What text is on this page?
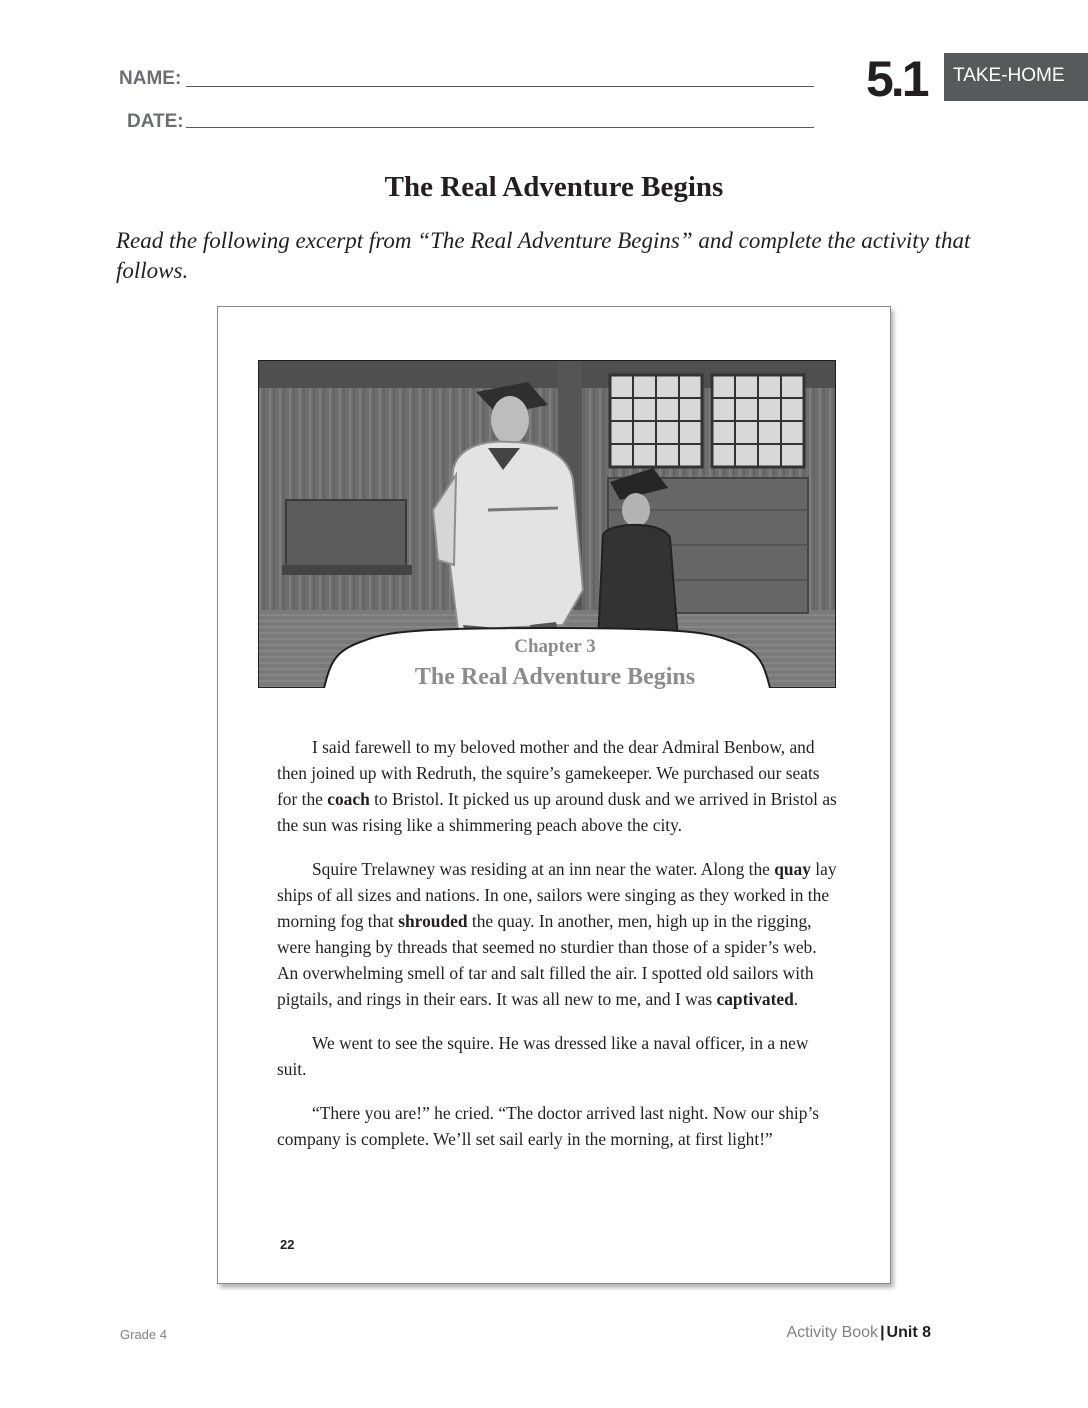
NAME:
DATE:
5.1	TAKE-HOME
The Real Adventure Begins
Read the following excerpt from “The Real Adventure Begins” and complete the activity that follows.
Chapter 3
The Real Adventure Begins

I said farewell to my beloved mother and the dear Admiral Benbow, and then joined up with Redruth, the squire’s gamekeeper. We purchased our seats for the coach to Bristol. It picked us up around dusk and we arrived in Bristol as the sun was rising like a shimmering peach above the city.

Squire Trelawney was residing at an inn near the water. Along the quay lay ships of all sizes and nations. In one, sailors were singing as they worked in the morning fog that shrouded the quay. In another, men, high up in the rigging, were hanging by threads that seemed no sturdier than those of a spider’s web. An overwhelming smell of tar and salt filled the air. I spotted old sailors with pigtails, and rings in their ears. It was all new to me, and I was captivated.

We went to see the squire. He was dressed like a naval officer, in a new suit.

“There you are!” he cried. “The doctor arrived last night. Now our ship’s company is complete. We’ll set sail early in the morning, at first light!”

22
Grade 4	Activity Book | Unit 8
